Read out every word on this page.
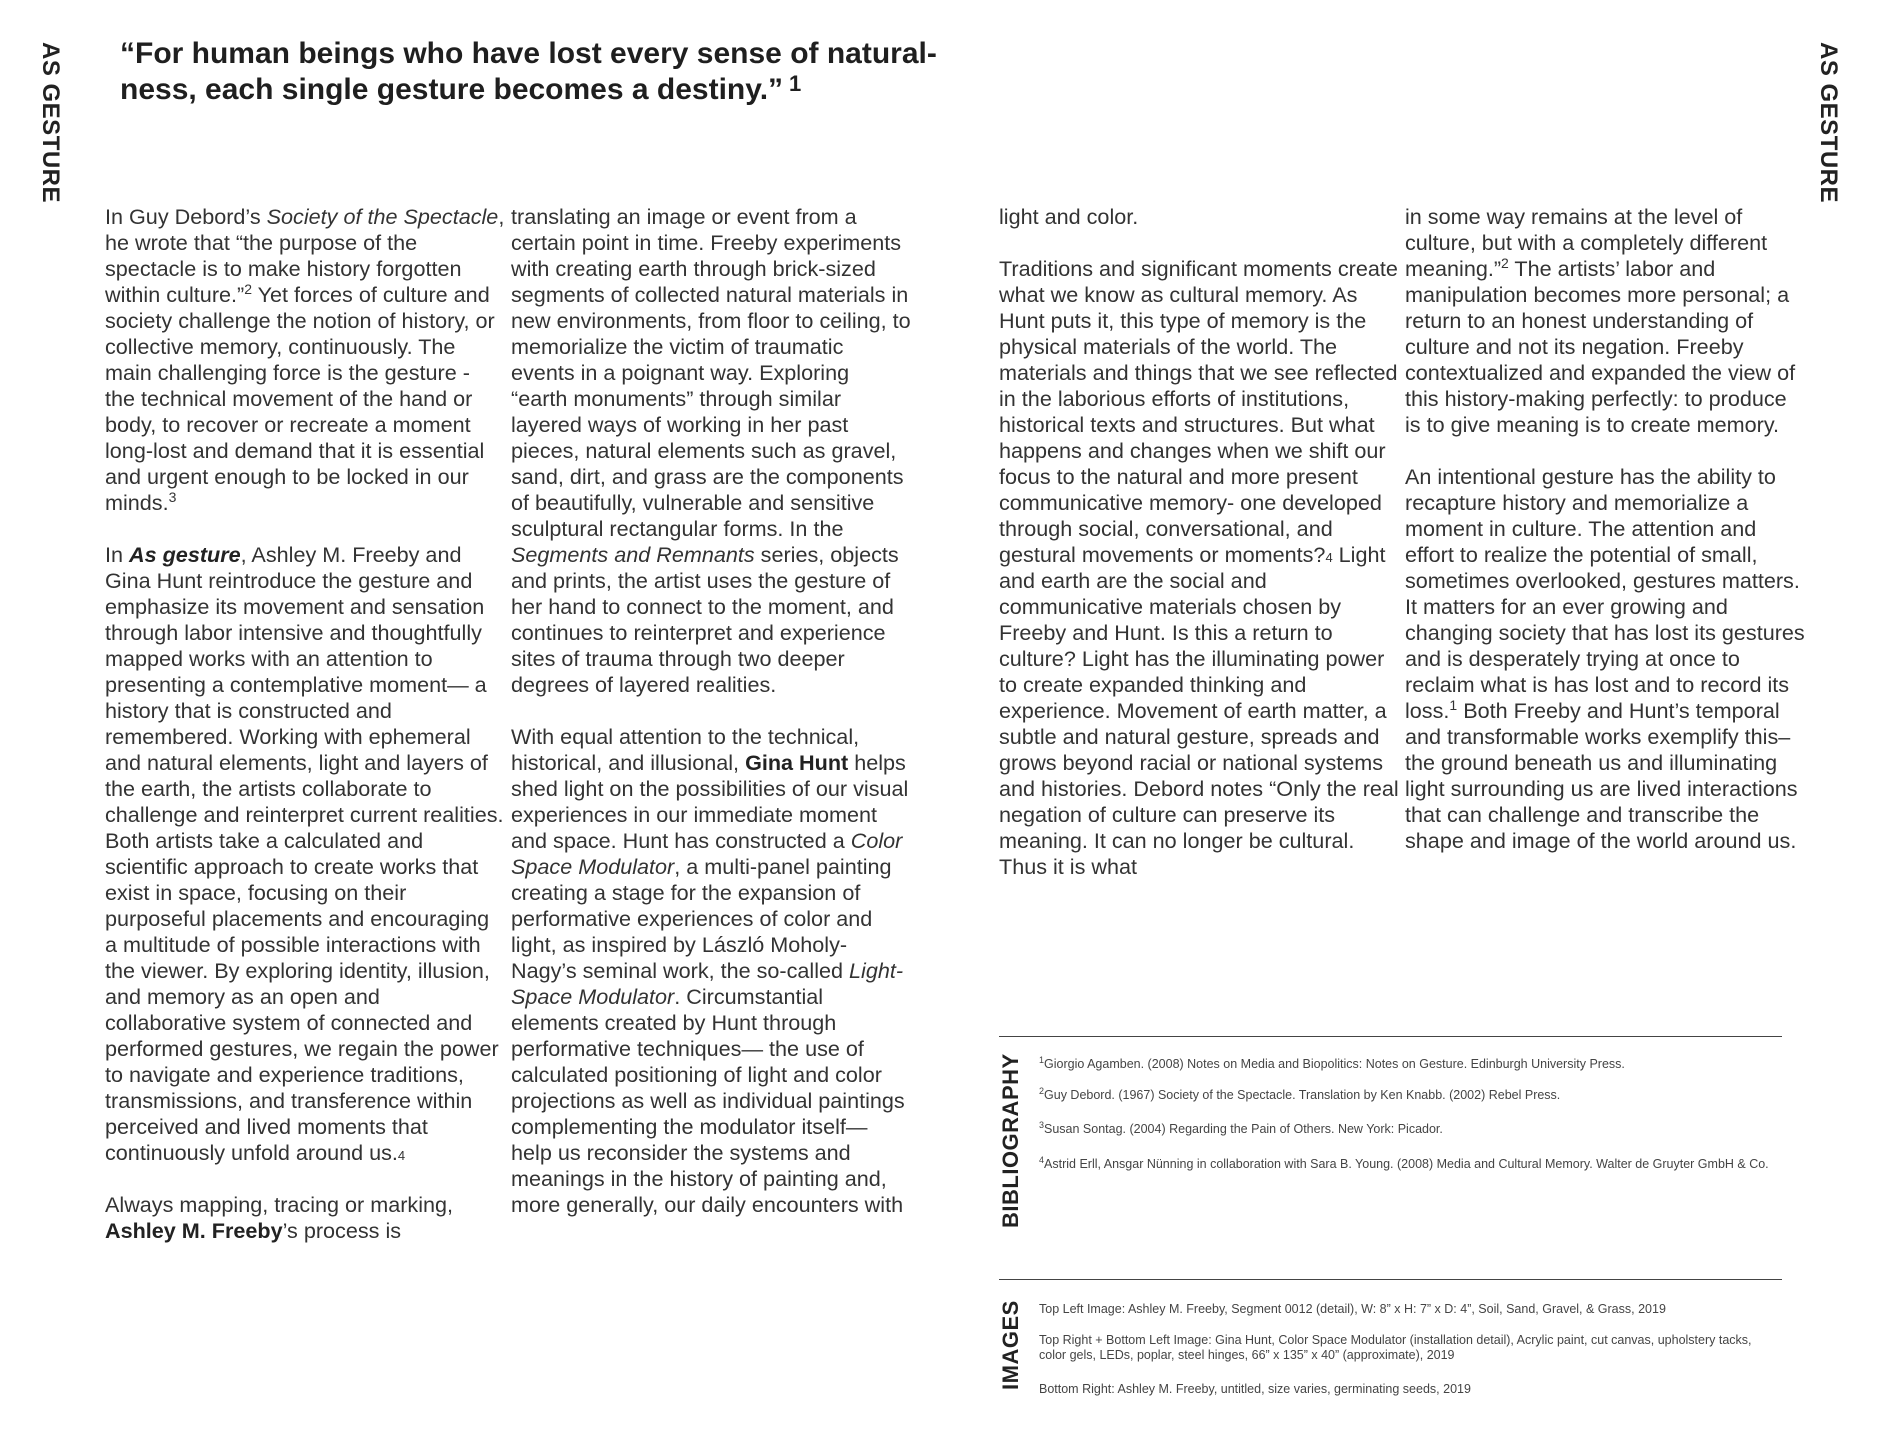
AS GESTURE	AS GESTURE
“For human beings who have lost every sense of natural-ness, each single gesture becomes a destiny.” $^1$

In Guy Debord’s Society of the Spectacle, he wrote that “the purpose of the spectacle is to make history forgotten within culture.”$^2$ Yet forces of culture and society challenge the notion of history, or collective memory, continuously. The main challenging force is the gesture - the technical movement of the hand or body, to recover or recreate a moment long-lost and demand that it is essential and urgent enough to be locked in our minds.$^3$

In As gesture, Ashley M. Freeby and Gina Hunt reintroduce the gesture and emphasize its movement and sensation through labor intensive and thoughtfully mapped works with an attention to presenting a contemplative moment— a history that is constructed and remembered. Working with ephemeral and natural elements, light and layers of the earth, the artists collaborate to challenge and reinterpret current realities. Both artists take a calculated and scientific approach to create works that exist in space, focusing on their purposeful placements and encouraging a multitude of possible interactions with the viewer. By exploring identity, illusion, and memory as an open and collaborative system of connected and performed gestures, we regain the power to navigate and experience traditions, transmissions, and transference within perceived and lived moments that continuously unfold around us.4

Always mapping, tracing or marking, Ashley M. Freeby’s process is

translating an image or event from a certain point in time. Freeby experiments with creating earth through brick-sized segments of collected natural materials in new environments, from floor to ceiling, to memorialize the victim of traumatic events in a poignant way. Exploring “earth monuments” through similar layered ways of working in her past pieces, natural elements such as gravel, sand, dirt, and grass are the components of beautifully, vulnerable and sensitive sculptural rectangular forms. In the Segments and Remnants series, objects and prints, the artist uses the gesture of her hand to connect to the moment, and continues to reinterpret and experience sites of trauma through two deeper degrees of layered realities.

With equal attention to the technical, historical, and illusional, Gina Hunt helps shed light on the possibilities of our visual experiences in our immediate moment and space. Hunt has constructed a Color Space Modulator, a multi-panel painting creating a stage for the expansion of performative experiences of color and light, as inspired by László Moholy-Nagy’s seminal work, the so-called Light-Space Modulator. Circumstantial elements created by Hunt through performative techniques— the use of calculated positioning of light and color projections as well as individual paintings complementing the modulator itself— help us reconsider the systems and meanings in the history of painting and, more generally, our daily encounters with

light and color.

Traditions and significant moments create what we know as cultural memory. As Hunt puts it, this type of memory is the physical materials of the world. The materials and things that we see reflected in the laborious efforts of institutions, historical texts and structures. But what happens and changes when we shift our focus to the natural and more present communicative memory- one developed through social, conversational, and gestural movements or moments?4 Light and earth are the social and communicative materials chosen by Freeby and Hunt. Is this a return to culture? Light has the illuminating power to create expanded thinking and experience. Movement of earth matter, a subtle and natural gesture, spreads and grows beyond racial or national systems and histories. Debord notes “Only the real negation of culture can preserve its meaning. It can no longer be cultural. Thus it is what

in some way remains at the level of culture, but with a completely different meaning.”$^2$ The artists’ labor and manipulation becomes more personal; a return to an honest understanding of culture and not its negation. Freeby contextualized and expanded the view of this history-making perfectly: to produce is to give meaning is to create memory.

An intentional gesture has the ability to recapture history and memorialize a moment in culture. The attention and effort to realize the potential of small, sometimes overlooked, gestures matters. It matters for an ever growing and changing society that has lost its gestures and is desperately trying at once to reclaim what is has lost and to record its loss.$^1$ Both Freeby and Hunt’s temporal and transformable works exemplify this–the ground beneath us and illuminating light surrounding us are lived interactions that can challenge and transcribe the shape and image of the world around us.

BIBLIOGRAPHY $^1$Giorgio Agamben. (2008) Notes on Media and Biopolitics: Notes on Gesture. Edinburgh University Press.
$^2$Guy Debord. (1967) Society of the Spectacle. Translation by Ken Knabb. (2002) Rebel Press.
$^3$Susan Sontag. (2004) Regarding the Pain of Others. New York: Picador.
$^4$Astrid Erll, Ansgar Nünning in collaboration with Sara B. Young. (2008) Media and Cultural Memory. Walter de Gruyter GmbH & Co.
IMAGES Top Left Image: Ashley M. Freeby, Segment 0012 (detail), W: 8” x H: 7” x D: 4”, Soil, Sand, Gravel, & Grass, 2019
Top Right + Bottom Left Image: Gina Hunt, Color Space Modulator (installation detail), Acrylic paint, cut canvas, upholstery tacks, color gels, LEDs, poplar, steel hinges, 66” x 135” x 40” (approximate), 2019
Bottom Right: Ashley M. Freeby, untitled, size varies, germinating seeds, 2019
